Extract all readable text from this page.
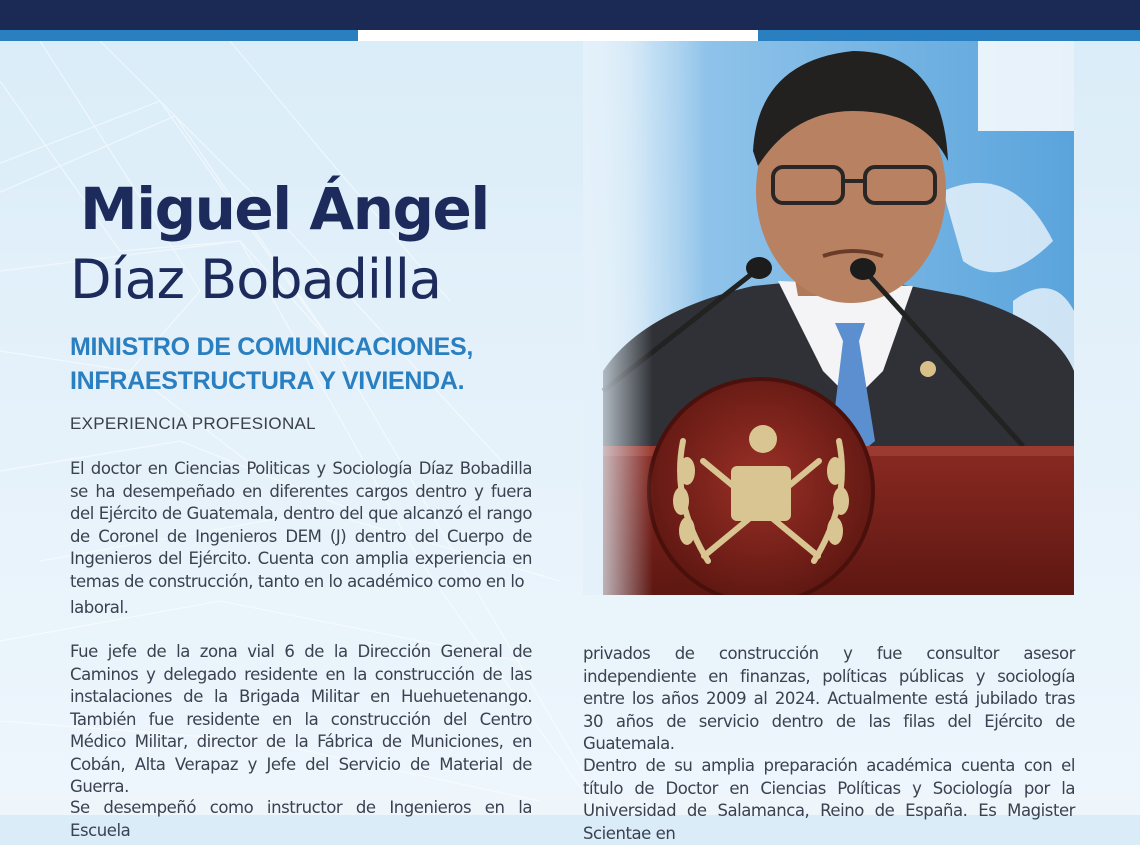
Miguel Ángel
Díaz Bobadilla
MINISTRO DE COMUNICACIONES,
INFRAESTRUCTURA Y VIVIENDA.

EXPERIENCIA PROFESIONAL

El doctor en Ciencias Politicas y Sociología Díaz Bobadilla se ha desempeñado en diferentes cargos dentro y fuera del Ejército de Guatemala, dentro del que alcanzó el rango de Coronel de Ingenieros DEM (J) dentro del Cuerpo de Ingenieros del Ejército. Cuenta con amplia experiencia en temas de construcción, tanto en lo académico como en lo
laboral.

Fue jefe de la zona vial 6 de la Dirección General de Caminos y delegado residente en la construcción de las instalaciones de la Brigada Militar en Huehuetenango. También fue residente en la construcción del Centro Médico Militar, director de la Fábrica de Municiones, en Cobán, Alta Verapaz y Jefe del Servicio de Material de Guerra.

Se desempeñó como instructor de Ingenieros en la Escuela

privados de construcción y fue consultor asesor independiente en finanzas, políticas públicas y sociología entre los años 2009 al 2024. Actualmente está jubilado tras 30 años de servicio dentro de las filas del Ejército de Guatemala.

Dentro de su amplia preparación académica cuenta con el título de Doctor en Ciencias Políticas y Sociología por la Universidad de Salamanca, Reino de España. Es Magister Scientae en
